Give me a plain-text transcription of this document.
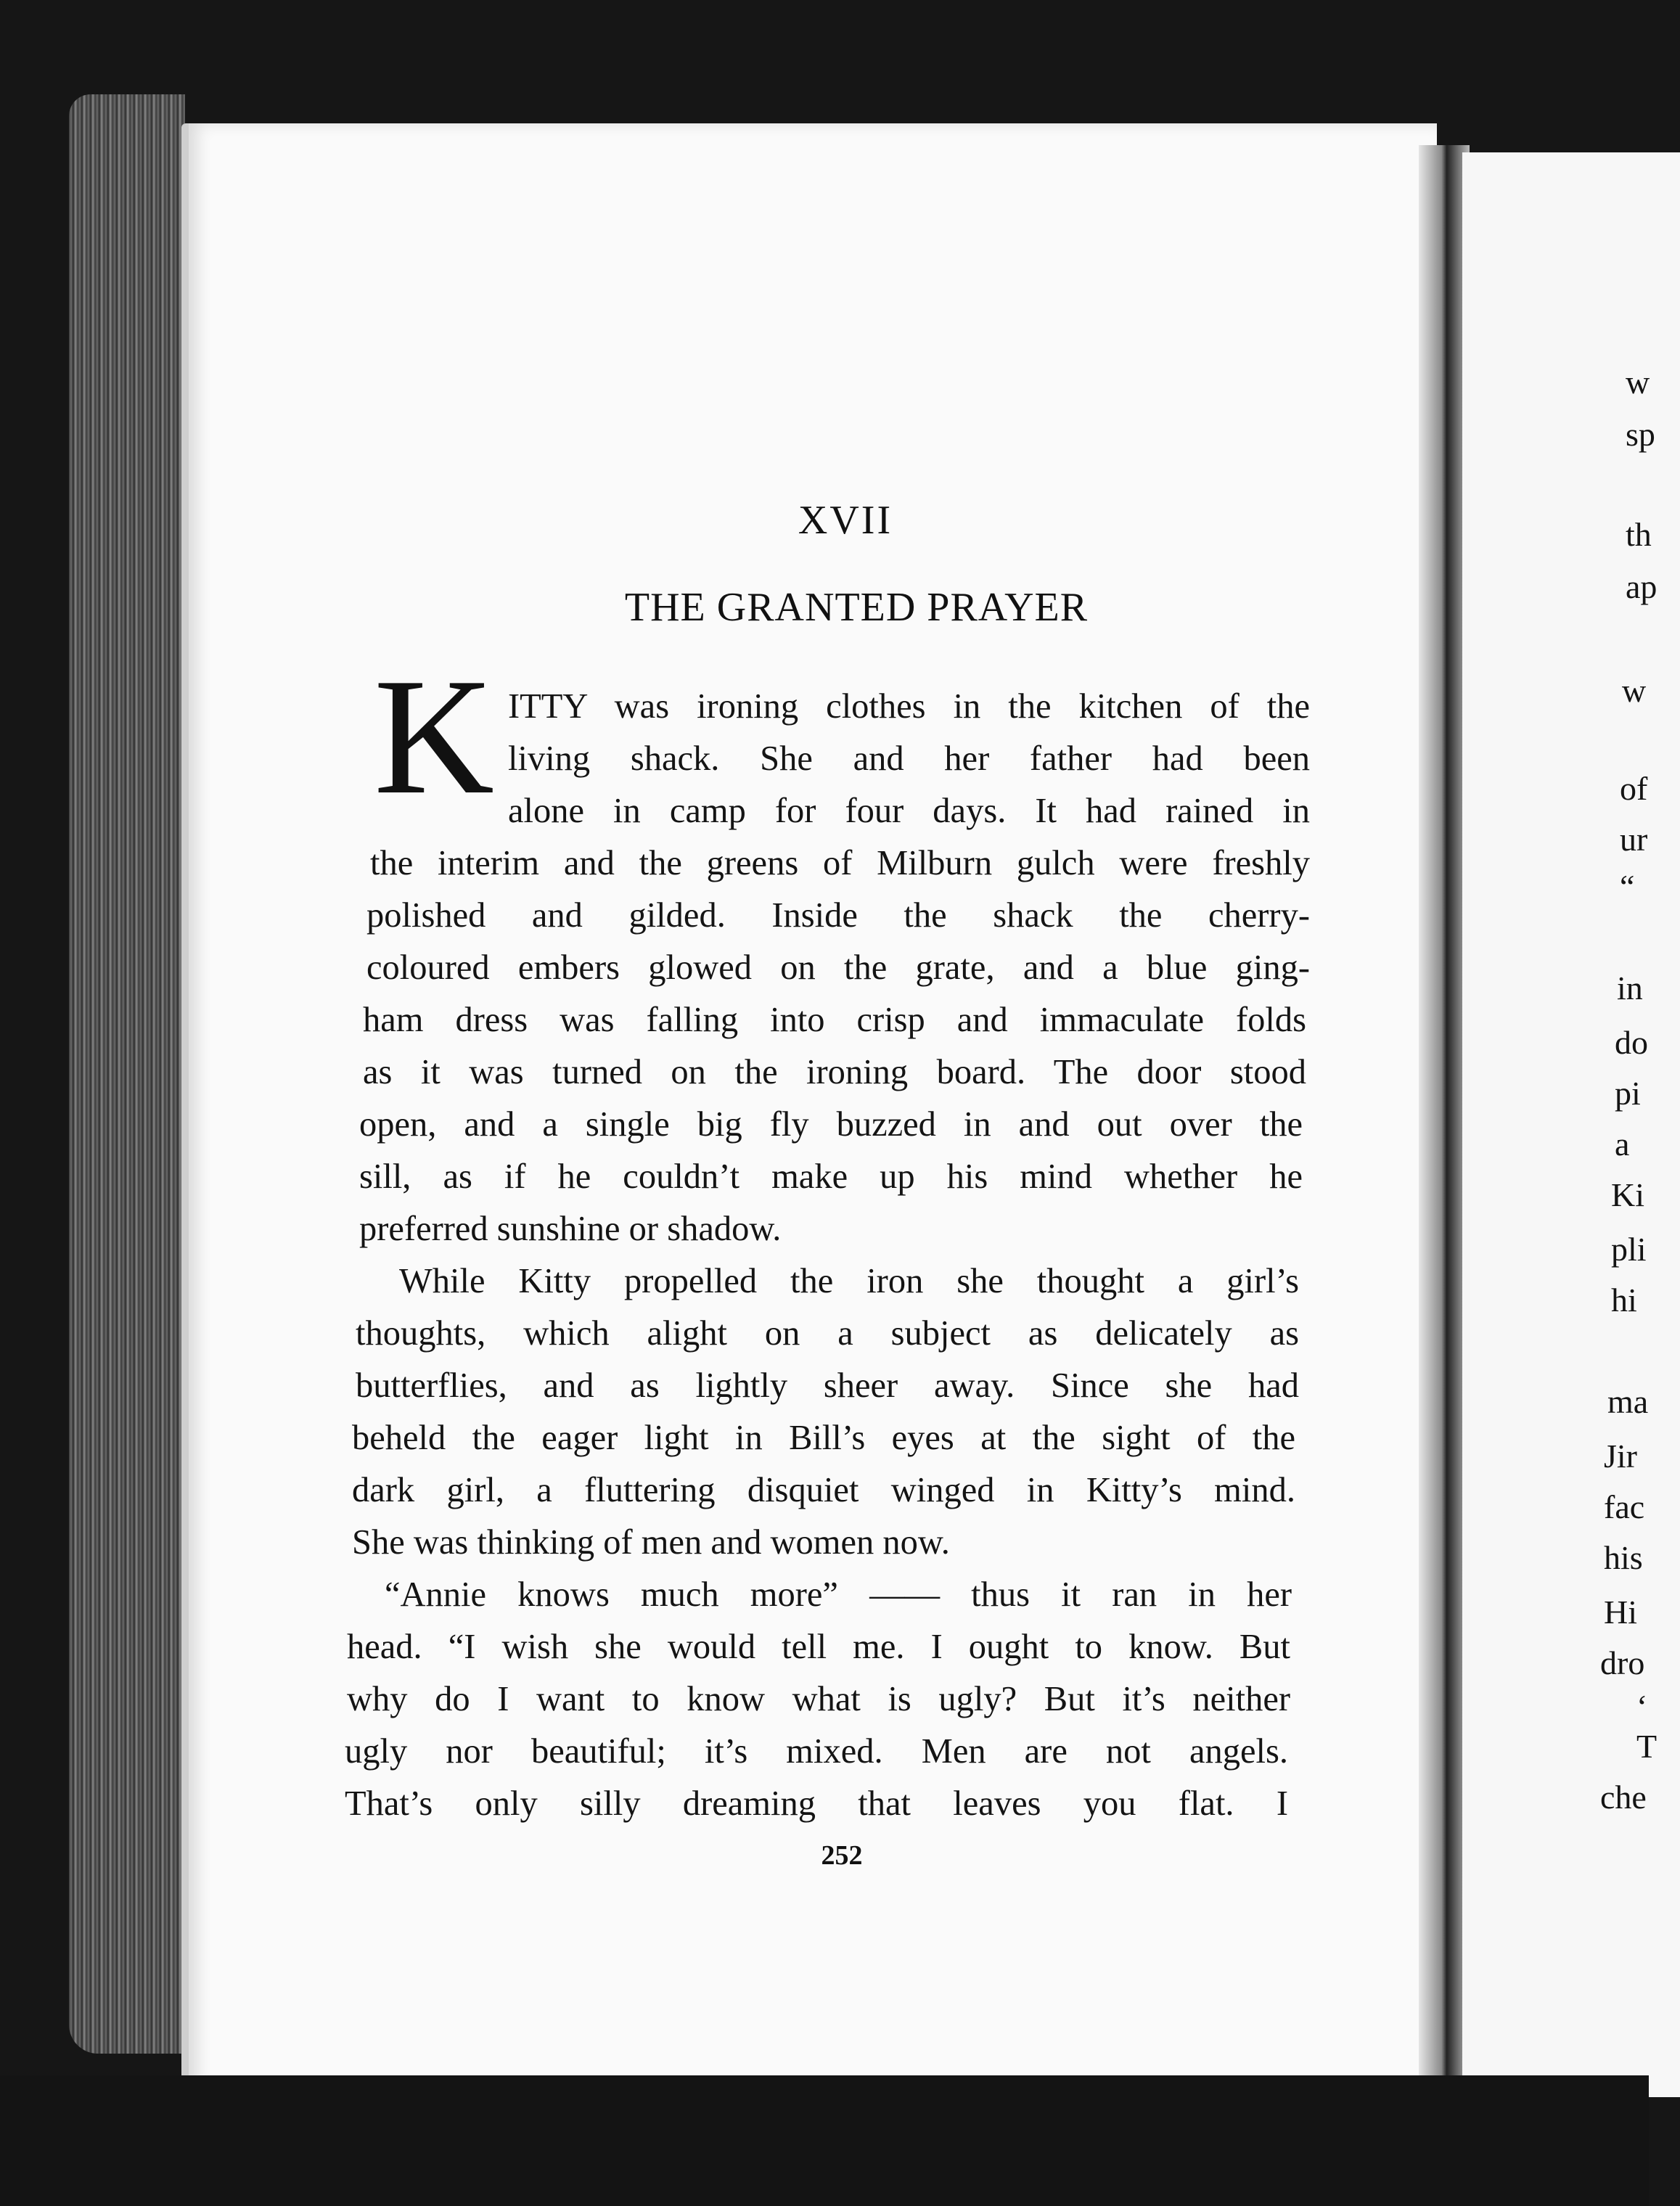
XVII
THE GRANTED PRAYER
K ITTY was ironing clothes in the kitchen of the
living shack. She and her father had been
alone in camp for four days. It had rained in
the interim and the greens of Milburn gulch were freshly
polished and gilded. Inside the shack the cherry-
coloured embers glowed on the grate, and a blue ging-
ham dress was falling into crisp and immaculate folds
as it was turned on the ironing board. The door stood
open, and a single big fly buzzed in and out over the
sill, as if he couldn’t make up his mind whether he
preferred sunshine or shadow.
While Kitty propelled the iron she thought a girl’s
thoughts, which alight on a subject as delicately as
butterflies, and as lightly sheer away. Since she had
beheld the eager light in Bill’s eyes at the sight of the
dark girl, a fluttering disquiet winged in Kitty’s mind.
She was thinking of men and women now.
“Annie knows much more” —— thus it ran in her
head. “I wish she would tell me. I ought to know. But
why do I want to know what is ugly? But it’s neither
ugly nor beautiful; it’s mixed. Men are not angels.
That’s only silly dreaming that leaves you flat. I
252
w
sp
th
ap
w
of
ur
“
in
do
pi
a
Ki
pli
hi
ma
Jir
fac
his
Hi
dro
‘
T
che
